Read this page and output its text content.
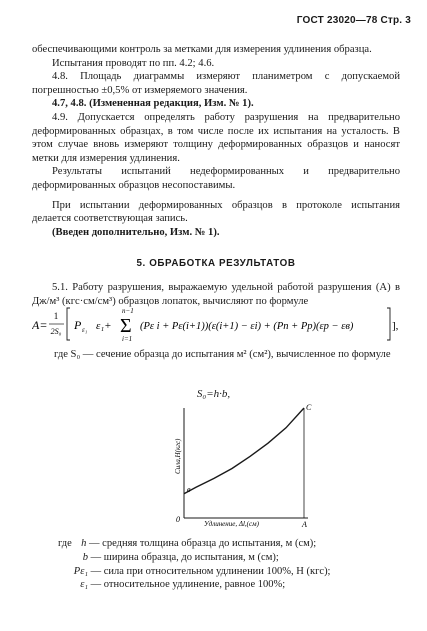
ГОСТ 23020—78 Стр. 3

обеспечивающими контроль за метками для измерения удлинения образца.

Испытания проводят по пп. 4.2; 4.6.

4.8. Площадь диаграммы измеряют планиметром с допускаемой погрешностью ±0,5% от измеряемого значения.

4.7, 4.8. (Измененная редакция, Изм. № 1).

4.9. Допускается определять работу разрушения на предварительно деформированных образцах, в том числе после их испытания на усталость. В этом случае вновь измеряют толщину деформированных образцов и наносят метки для измерения удлинения.

Результаты испытаний недеформированных и предварительно деформированных образцов несопоставимы.

При испытании деформированных образцов в протоколе испытания делается соответствующая запись.

(Введен дополнительно, Изм. № 1).

5. ОБРАБОТКА РЕЗУЛЬТАТОВ

5.1. Работу разрушения, выражаемую удельной работой разрушения (A) в Дж/м³ (кгс·см/см³) образцов лопаток, вычисляют по формуле

A=
1
2S₀ P ε₁ ε₁+
n−1
Σ
i=1
(Pε i + Pε(i+1))(ε(i+1) − εi) + (Pп + Pр)(εр − εв)	],
где S₀ — сечение образца до испытания м² (см²), вычисленное по формуле
S₀=h·b,
0
А
С
в
Удлинение, Δl,(см)
Сила,Н(кгс)
где h — средняя толщина образца до испытания, м (см);
b — ширина образца, до испытания, м (см);
Pε₁ — сила при относительном удлинении 100%, Н (кгс);
ε₁ — относительное удлинение, равное 100%;
